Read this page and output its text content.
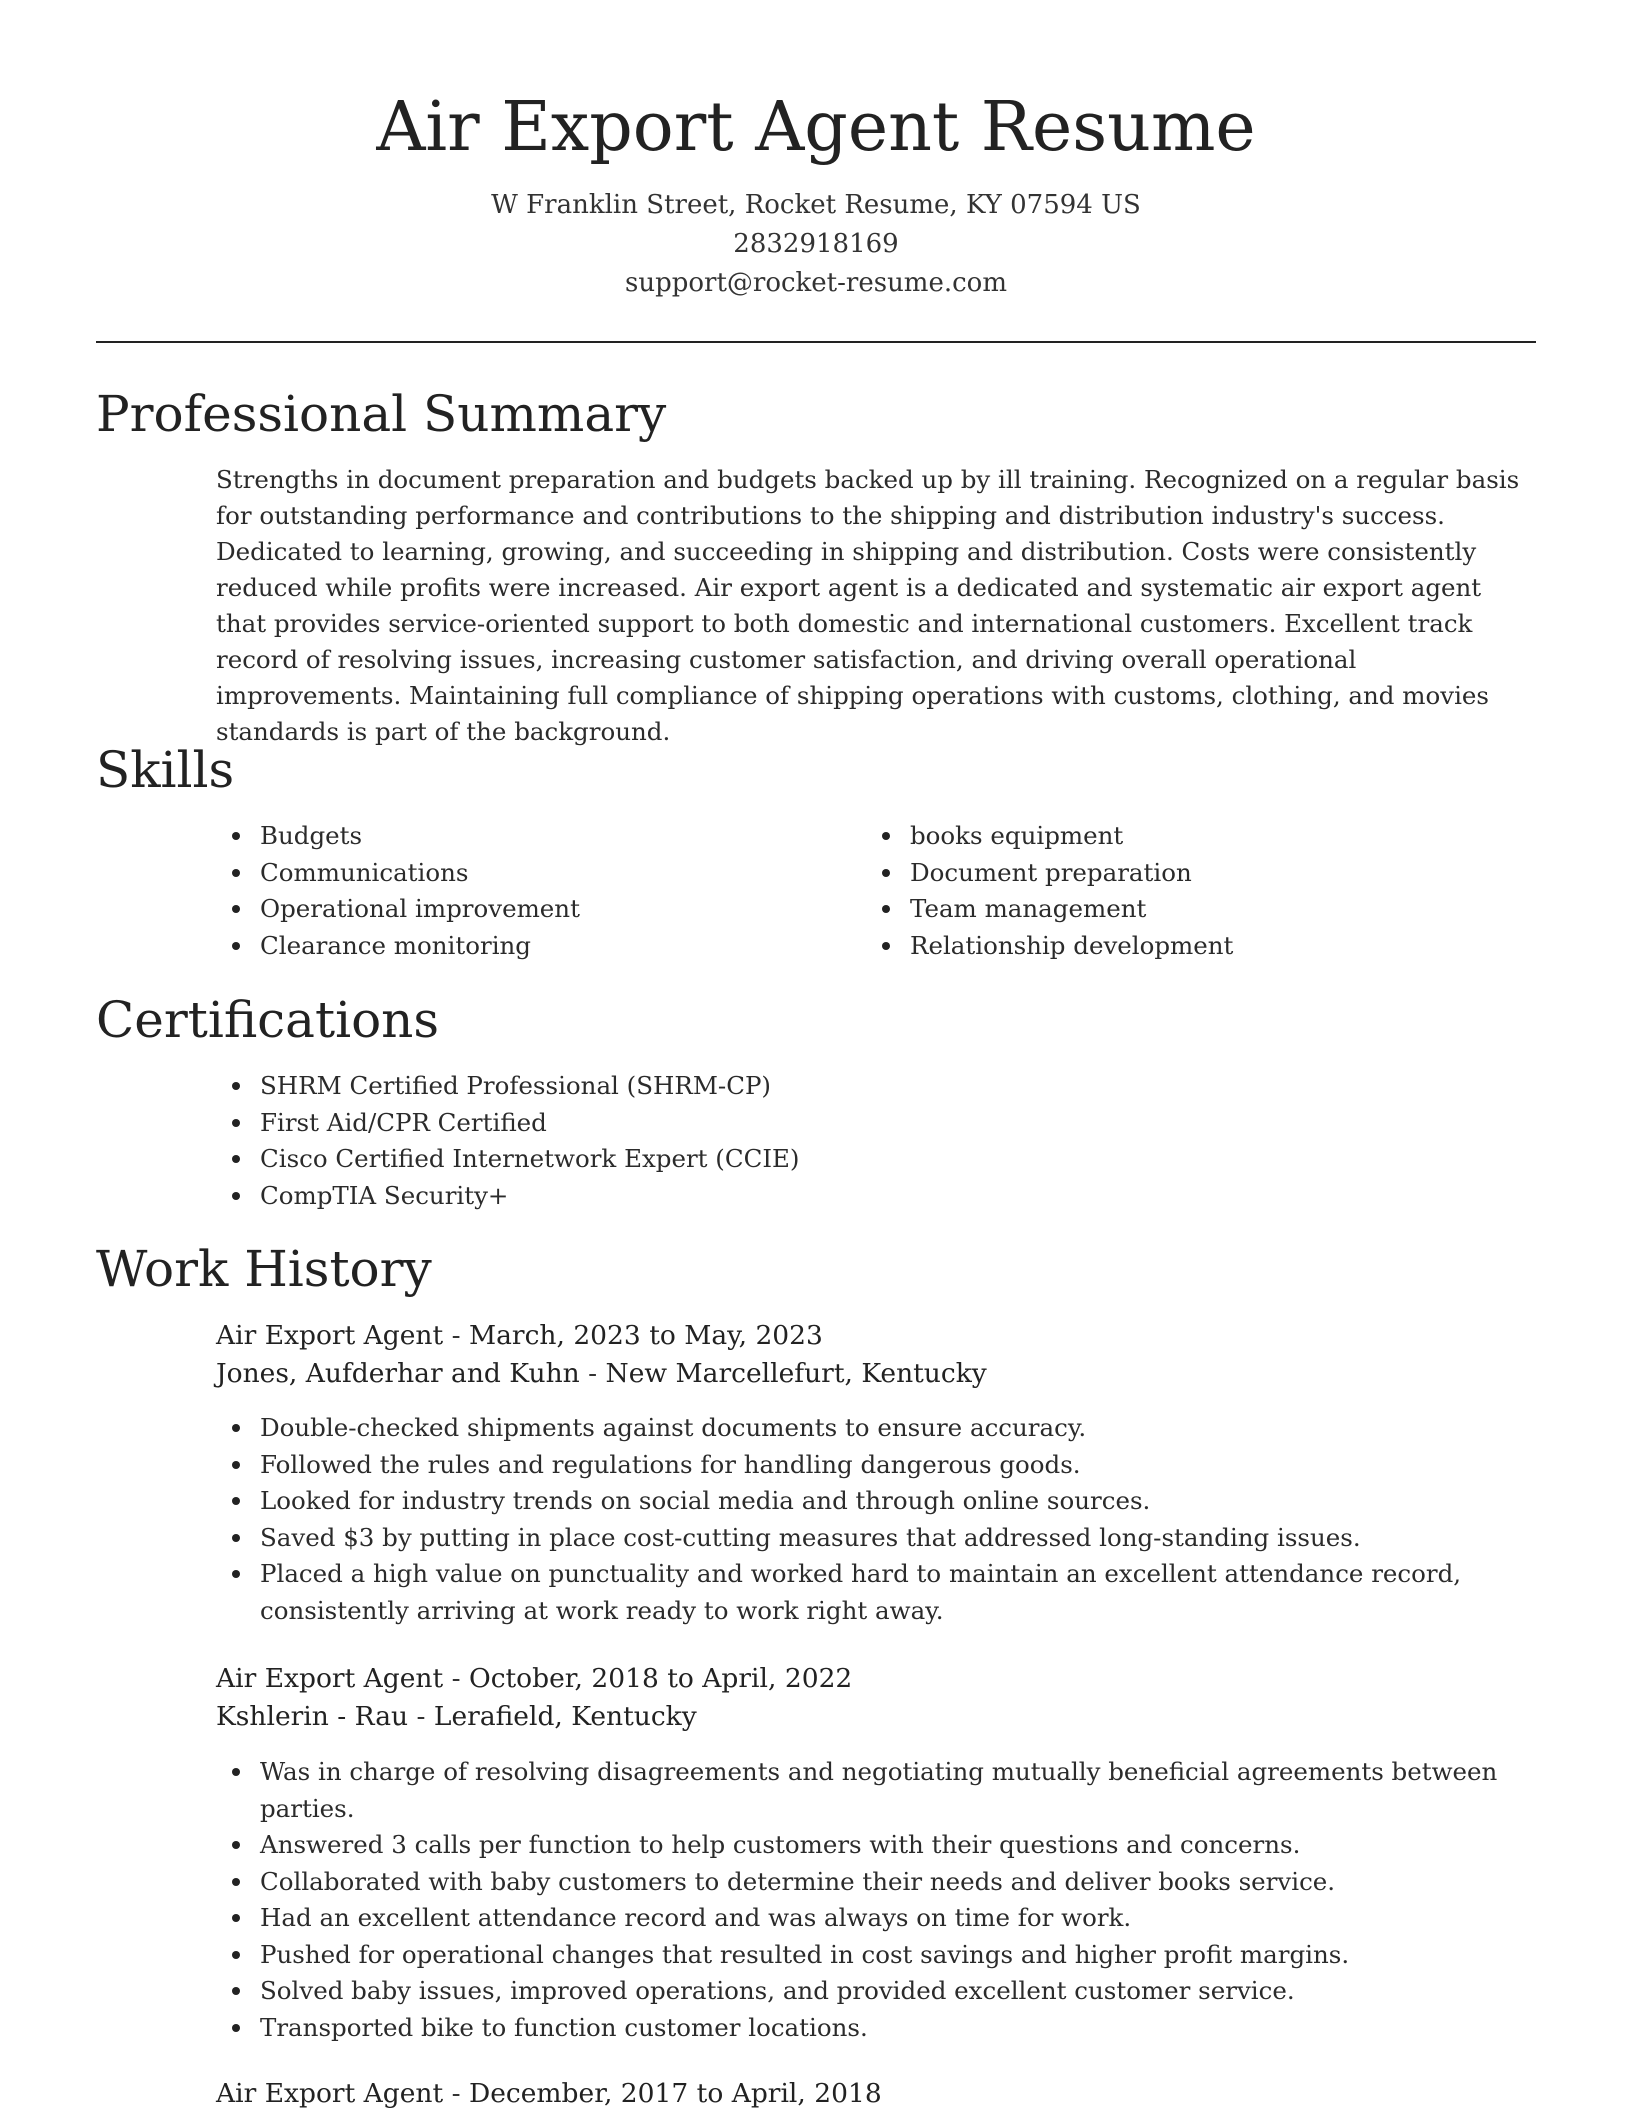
Air Export Agent Resume
W Franklin Street, Rocket Resume, KY 07594 US
2832918169
support@rocket-resume.com
Professional Summary

Strengths in document preparation and budgets backed up by ill training. Recognized on a regular basis for outstanding performance and contributions to the shipping and distribution industry's success. Dedicated to learning, growing, and succeeding in shipping and distribution. Costs were consistently reduced while profits were increased. Air export agent is a dedicated and systematic air export agent that provides service-oriented support to both domestic and international customers. Excellent track record of resolving issues, increasing customer satisfaction, and driving overall operational improvements. Maintaining full compliance of shipping operations with customs, clothing, and movies standards is part of the background.

Skills
Budgets
Communications
Operational improvement
Clearance monitoring
books equipment
Document preparation
Team management
Relationship development
Certifications
SHRM Certified Professional (SHRM-CP)
First Aid/CPR Certified
Cisco Certified Internetwork Expert (CCIE)
CompTIA Security+
Work History
Air Export Agent - March, 2023 to May, 2023
Jones, Aufderhar and Kuhn - New Marcellefurt, Kentucky
Double-checked shipments against documents to ensure accuracy.
Followed the rules and regulations for handling dangerous goods.
Looked for industry trends on social media and through online sources.
Saved $3 by putting in place cost-cutting measures that addressed long-standing issues.
Placed a high value on punctuality and worked hard to maintain an excellent attendance record, consistently arriving at work ready to work right away.
Air Export Agent - October, 2018 to April, 2022
Kshlerin - Rau - Lerafield, Kentucky
Was in charge of resolving disagreements and negotiating mutually beneficial agreements between parties.
Answered 3 calls per function to help customers with their questions and concerns.
Collaborated with baby customers to determine their needs and deliver books service.
Had an excellent attendance record and was always on time for work.
Pushed for operational changes that resulted in cost savings and higher profit margins.
Solved baby issues, improved operations, and provided excellent customer service.
Transported bike to function customer locations.
Air Export Agent - December, 2017 to April, 2018
